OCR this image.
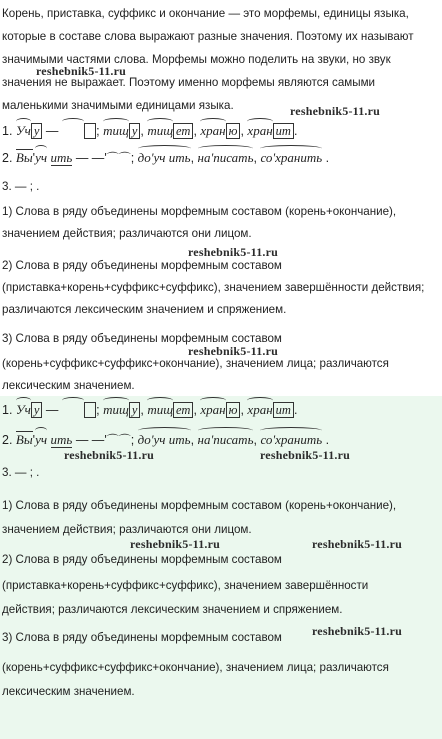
Корень, приставка, суффикс и окончание — это морфемы, единицы языка, которые в составе слова выражают разные значения. Поэтому их называют значимыми частями слова. Морфемы можно поделить на звуки, но звук значения не выражает. Поэтому именно морфемы являются самыми маленькими значимыми единицами языка.

reshebnik5-11.ru
reshebnik5-11.ru
1. Уч у —	; тищ у , тищ ет , хран ю , хран ит .
2. Вы'уч ить — —'⌒⌒; до'уч ить, на'писать, со'хранить .

3. — ; .

1) Слова в ряду объединены морфемным составом (корень+окончание),

значением действия; различаются они лицом.

reshebnik5-11.ru

2) Слова в ряду объединены морфемным составом

(приставка+корень+суффикс+суффикс), значением завершённости действия;

различаются лексическим значением и спряжением.

3) Слова в ряду объединены морфемным составом

reshebnik5-11.ru

(корень+суффикс+суффикс+окончание), значением лица; различаются

лексическим значением.

1. Уч у —	; тищ у , тищ ет , хран ю , хран ит .
2. Вы'уч ить — —'⌒⌒; до'уч ить, на'писать, со'хранить .
reshebnik5-11.ru	reshebnik5-11.ru

3. — ; .

1) Слова в ряду объединены морфемным составом (корень+окончание),

значением действия; различаются они лицом.

reshebnik5-11.ru	reshebnik5-11.ru

2) Слова в ряду объединены морфемным составом

(приставка+корень+суффикс+суффикс), значением завершённости

действия; различаются лексическим значением и спряжением.

3) Слова в ряду объединены морфемным составом	reshebnik5-11.ru

(корень+суффикс+суффикс+окончание), значением лица; различаются

лексическим значением.
